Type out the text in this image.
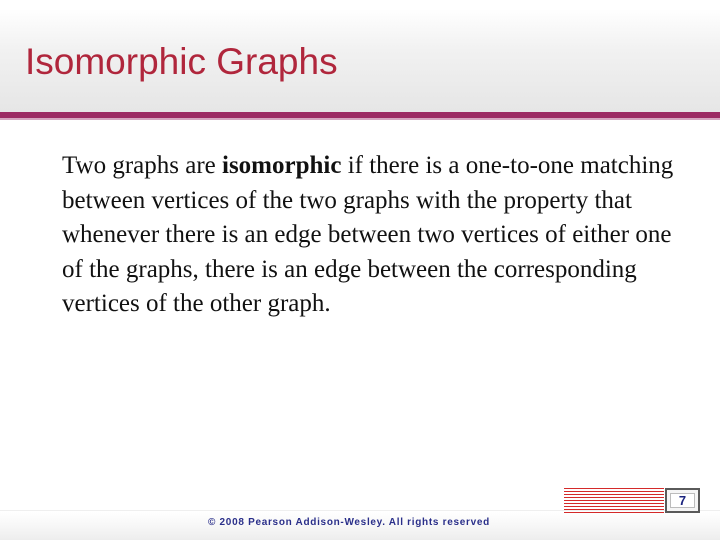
Isomorphic Graphs
Two graphs are isomorphic if there is a one-to-one matching between vertices of the two graphs with the property that whenever there is an edge between two vertices of either one of the graphs, there is an edge between the corresponding vertices of the other graph.
© 2008 Pearson Addison-Wesley. All rights reserved
7
